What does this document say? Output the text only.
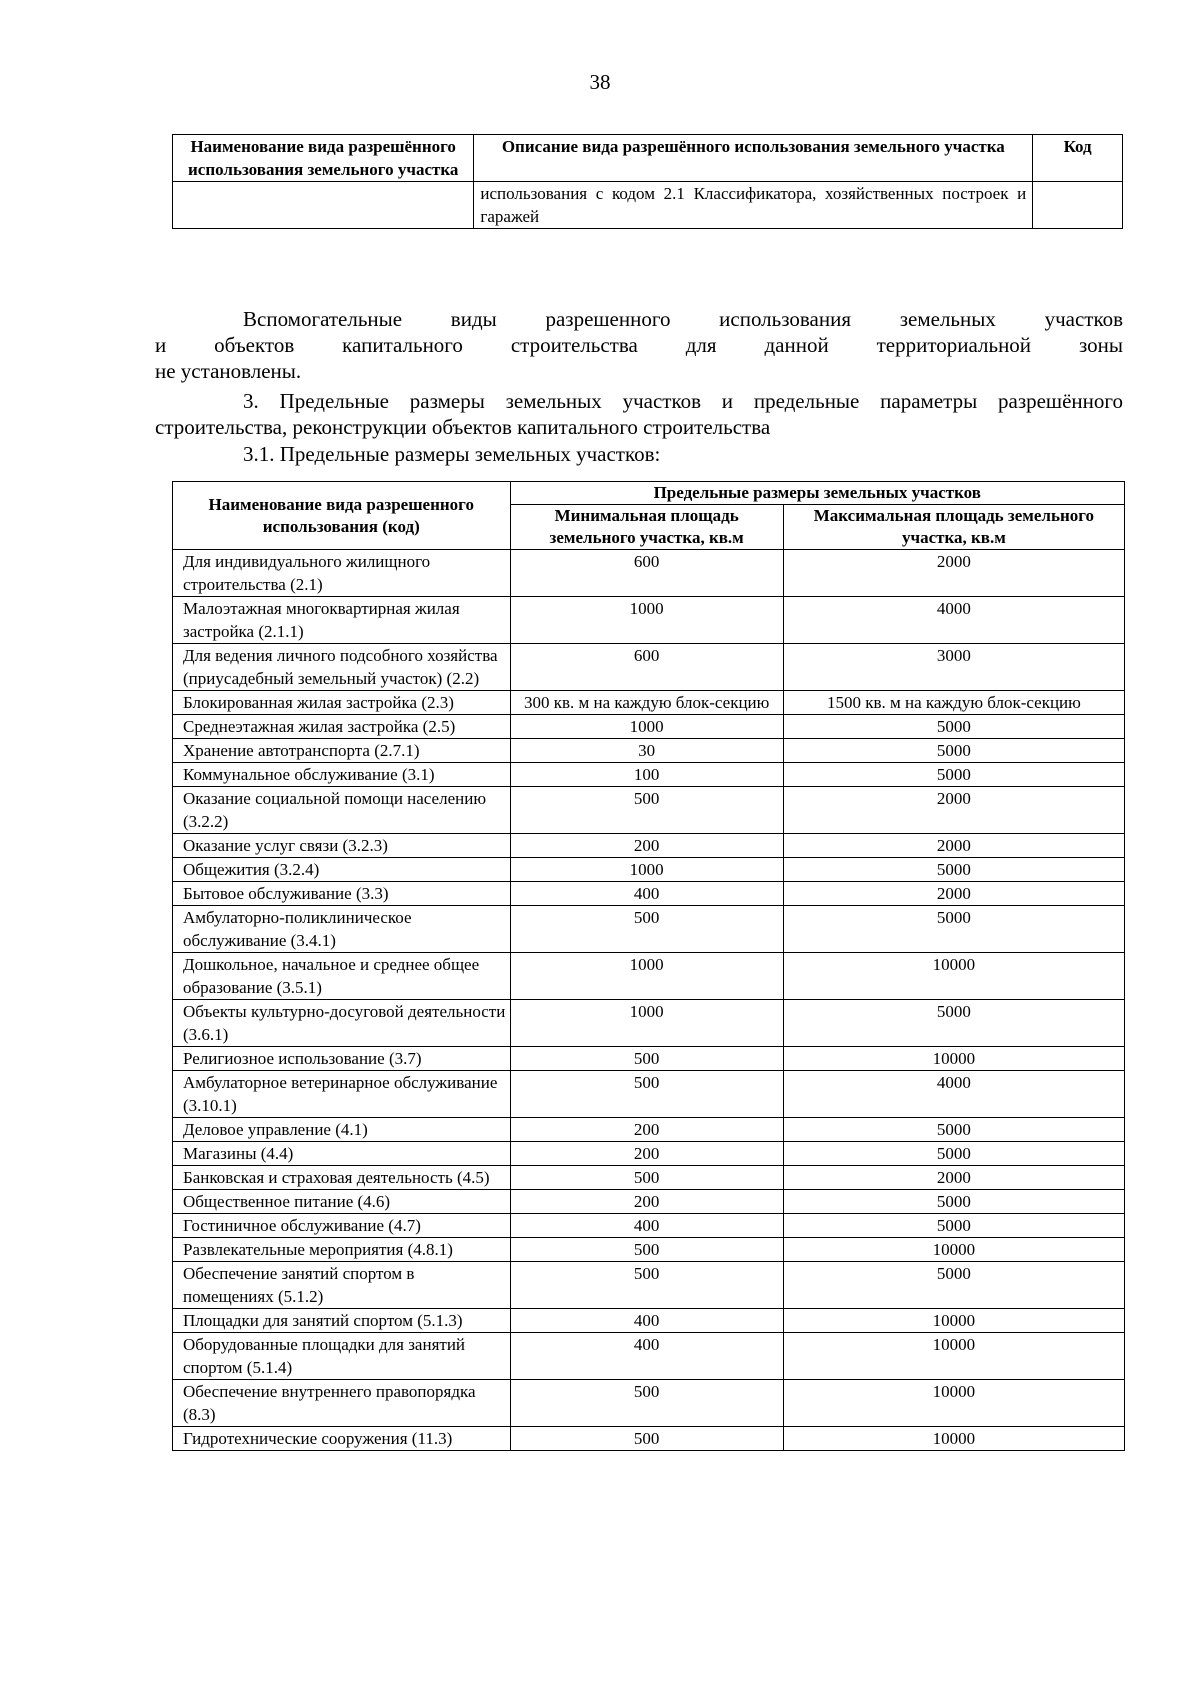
38
Наименование вида разрешённого использования земельного участка	Описание вида разрешённого использования земельного участка	Код
	использования с кодом 2.1 Классификатора, хозяйственных построек и гаражей	
Вспомогательные виды разрешенного использования земельных участков
и объектов капитального строительства для данной территориальной зоны
не установлены.
3. Предельные размеры земельных участков и предельные параметры разрешённого строительства, реконструкции объектов капитального строительства
3.1. Предельные размеры земельных участков:
Наименование вида разрешенного использования (код)	Предельные размеры земельных участков	
	Минимальная площадь земельного участка, кв.м	Максимальная площадь земельного участка, кв.м
Для индивидуального жилищного строительства (2.1)	600	2000
Малоэтажная многоквартирная жилая застройка (2.1.1)	1000	4000
Для ведения личного подсобного хозяйства (приусадебный земельный участок) (2.2)	600	3000
Блокированная жилая застройка (2.3)	300 кв. м на каждую блок-секцию	1500 кв. м на каждую блок-секцию
Среднеэтажная жилая застройка (2.5)	1000	5000
Хранение автотранспорта (2.7.1)	30	5000
Коммунальное обслуживание (3.1)	100	5000
Оказание социальной помощи населению (3.2.2)	500	2000
Оказание услуг связи (3.2.3)	200	2000
Общежития (3.2.4)	1000	5000
Бытовое обслуживание (3.3)	400	2000
Амбулаторно-поликлиническое обслуживание (3.4.1)	500	5000
Дошкольное, начальное и среднее общее образование (3.5.1)	1000	10000
Объекты культурно-досуговой деятельности (3.6.1)	1000	5000
Религиозное использование (3.7)	500	10000
Амбулаторное ветеринарное обслуживание (3.10.1)	500	4000
Деловое управление (4.1)	200	5000
Магазины (4.4)	200	5000
Банковская и страховая деятельность (4.5)	500	2000
Общественное питание (4.6)	200	5000
Гостиничное обслуживание (4.7)	400	5000
Развлекательные мероприятия (4.8.1)	500	10000
Обеспечение занятий спортом в помещениях (5.1.2)	500	5000
Площадки для занятий спортом (5.1.3)	400	10000
Оборудованные площадки для занятий спортом (5.1.4)	400	10000
Обеспечение внутреннего правопорядка (8.3)	500	10000
Гидротехнические сооружения (11.3)	500	10000
